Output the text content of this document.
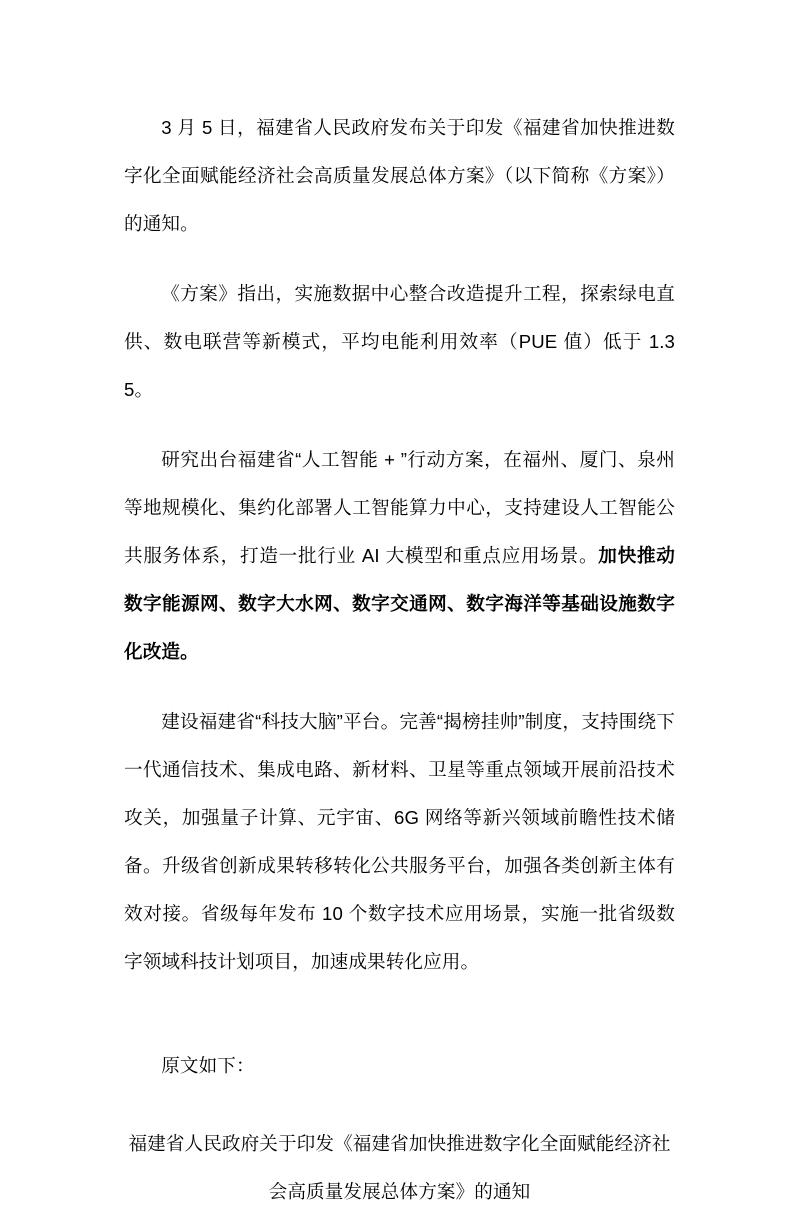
3 月 5 日，福建省人民政府发布关于印发《福建省加快推进数字化全面赋能经济社会高质量发展总体方案》（以下简称《方案》）的通知。

《方案》指出，实施数据中心整合改造提升工程，探索绿电直供、数电联营等新模式，平均电能利用效率（PUE 值）低于 1.35。

研究出台福建省“人工智能 + ”行动方案，在福州、厦门、泉州等地规模化、集约化部署人工智能算力中心，支持建设人工智能公共服务体系，打造一批行业 AI 大模型和重点应用场景。加快推动数字能源网、数字大水网、数字交通网、数字海洋等基础设施数字化改造。

建设福建省“科技大脑”平台。完善“揭榜挂帅”制度，支持围绕下一代通信技术、集成电路、新材料、卫星等重点领域开展前沿技术攻关，加强量子计算、元宇宙、6G 网络等新兴领域前瞻性技术储备。升级省创新成果转移转化公共服务平台，加强各类创新主体有效对接。省级每年发布 10 个数字技术应用场景，实施一批省级数字领域科技计划项目，加速成果转化应用。

原文如下：

福建省人民政府关于印发《福建省加快推进数字化全面赋能经济社会高质量发展总体方案》的通知
